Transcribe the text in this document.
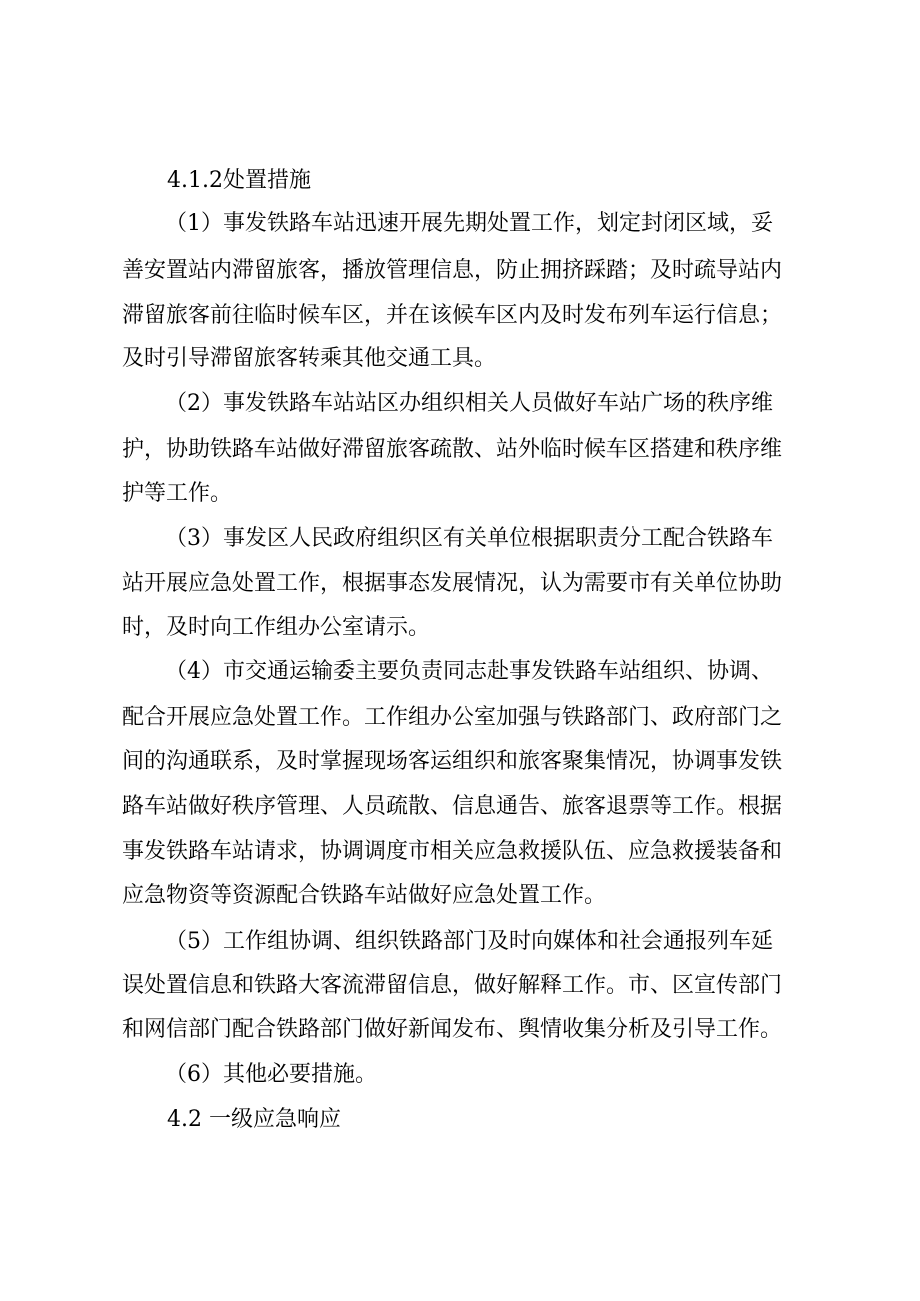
4.1.2处置措施
（1）事发铁路车站迅速开展先期处置工作，划定封闭区域，妥
善安置站内滞留旅客，播放管理信息，防止拥挤踩踏；及时疏导站内
滞留旅客前往临时候车区，并在该候车区内及时发布列车运行信息；
及时引导滞留旅客转乘其他交通工具。
（2）事发铁路车站站区办组织相关人员做好车站广场的秩序维
护，协助铁路车站做好滞留旅客疏散、站外临时候车区搭建和秩序维
护等工作。
（3）事发区人民政府组织区有关单位根据职责分工配合铁路车
站开展应急处置工作，根据事态发展情况，认为需要市有关单位协助
时，及时向工作组办公室请示。
（4）市交通运输委主要负责同志赴事发铁路车站组织、协调、
配合开展应急处置工作。工作组办公室加强与铁路部门、政府部门之
间的沟通联系，及时掌握现场客运组织和旅客聚集情况，协调事发铁
路车站做好秩序管理、人员疏散、信息通告、旅客退票等工作。根据
事发铁路车站请求，协调调度市相关应急救援队伍、应急救援装备和
应急物资等资源配合铁路车站做好应急处置工作。
（5）工作组协调、组织铁路部门及时向媒体和社会通报列车延
误处置信息和铁路大客流滞留信息，做好解释工作。市、区宣传部门
和网信部门配合铁路部门做好新闻发布、舆情收集分析及引导工作。
（6）其他必要措施。
4.2 一级应急响应
